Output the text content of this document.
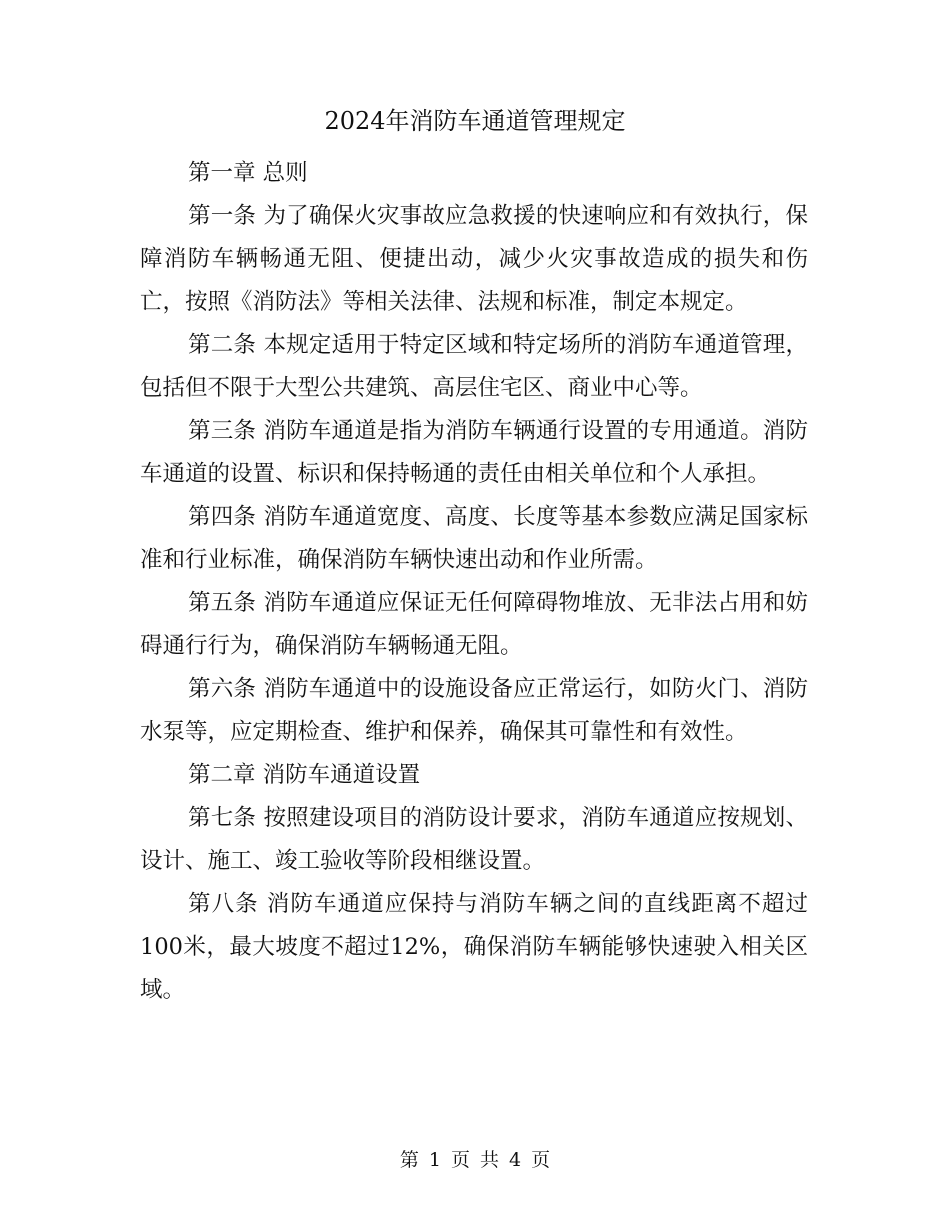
2024年消防车通道管理规定

第一章 总则

第一条 为了确保火灾事故应急救援的快速响应和有效执行，保障消防车辆畅通无阻、便捷出动，减少火灾事故造成的损失和伤亡，按照《消防法》等相关法律、法规和标准，制定本规定。

第二条 本规定适用于特定区域和特定场所的消防车通道管理，包括但不限于大型公共建筑、高层住宅区、商业中心等。

第三条 消防车通道是指为消防车辆通行设置的专用通道。消防车通道的设置、标识和保持畅通的责任由相关单位和个人承担。

第四条 消防车通道宽度、高度、长度等基本参数应满足国家标准和行业标准，确保消防车辆快速出动和作业所需。

第五条 消防车通道应保证无任何障碍物堆放、无非法占用和妨碍通行行为，确保消防车辆畅通无阻。

第六条 消防车通道中的设施设备应正常运行，如防火门、消防水泵等，应定期检查、维护和保养，确保其可靠性和有效性。

第二章 消防车通道设置

第七条 按照建设项目的消防设计要求，消防车通道应按规划、设计、施工、竣工验收等阶段相继设置。

第八条 消防车通道应保持与消防车辆之间的直线距离不超过100米，最大坡度不超过12%，确保消防车辆能够快速驶入相关区域。

第 1 页 共 4 页
